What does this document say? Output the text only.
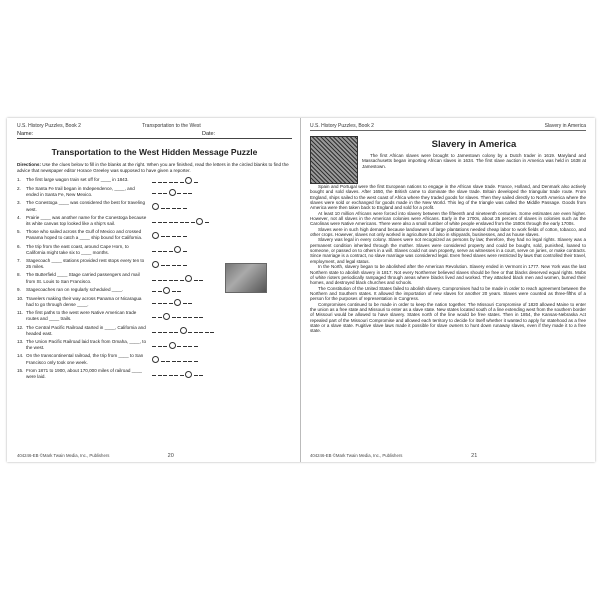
U.S. History Puzzles, Book 2	Transportation to the West
Name:	Date:
Transportation to the West Hidden Message Puzzle
Directions: Use the clues below to fill in the blanks at the right. When you are finished, read the letters in the circled blanks to find the advice that newspaper editor Horace Greeley was supposed to have given a reporter.
1.	The first large wagon train set off for ____ in 1843.
2.	The Santa Fe trail began in Independence, ____, and ended in Santa Fe, New Mexico.
3.	The Conestoga ____ was considered the best for traveling west.
4.	Prairie ____ was another name for the Conestoga because its white canvas top looked like a ship's sail.
5.	Those who sailed across the Gulf of Mexico and crossed Panama hoped to catch a ____ ship bound for California.
6.	The trip from the east coast, around Cape Horn, to California might take six to ____ months.
7.	Stagecoach ____ stations provided rest stops every ten to 25 miles.
8.	The Butterfield ____ Stage carried passengers and mail from St. Louis to San Francisco.
9.	Stagecoaches ran on regularly scheduled ____.
10. Travelers making their way across Panama or Nicaragua had to go through dense ____.
11. The first paths to the west were Native American trade routes and ____ trails.
12. The Central Pacific Railroad started in ____, California and headed east.
13. The Union Pacific Railroad laid track from Omaha, ____, to the west.
14. On the transcontinental railroad, the trip from ____ to San Francisco only took one week.
15. From 1871 to 1900, about 170,000 miles of railroad ____ were laid.
404246-EB ©Mark Twain Media, Inc., Publishers	20
U.S. History Puzzles, Book 2	Slavery in America
Slavery in America

The first African slaves were brought to Jamestown colony by a Dutch trader in 1619. Maryland and Massachusetts began importing African slaves in 1634. The first slave auction in America was held in 1638 at Jamestown.

Spain and Portugal were the first European nations to engage in the African slave trade. France, Holland, and Denmark also actively bought and sold slaves. After 1650, the British came to dominate the slave trade. Britain developed the triangular trade route. From England, ships sailed to the west coast of Africa where they traded goods for slaves. Then they sailed directly to North America where the slaves were sold or exchanged for goods made in the New World. This leg of the triangle was called the Middle Passage. Goods from America were then taken back to England and sold for a profit.

At least 10 million Africans were forced into slavery between the fifteenth and nineteenth centuries. Some estimates are even higher. However, not all slaves in the American colonies were Africans. Early in the 1700s, about 25 percent of slaves in colonies such as the Carolinas were Native Americans. There were also a small number of white people enslaved from the 1500s through the early 1700s.

Slaves were in such high demand because landowners of large plantations needed cheap labor to work fields of cotton, tobacco, and other crops. However, slaves not only worked in agriculture but also in shipyards, businesses, and as house slaves.

Slavery was legal in every colony. Slaves were not recognized as persons by law; therefore, they had no legal rights. Slavery was a permanent condition inherited through the mother. Slaves were considered property and could be bought, sold, punished, loaned to someone, or passed on to others in a will. Slaves could not own property, serve as witnesses in a court, serve on juries, or make contracts. Since marriage is a contract, no slave marriage was considered legal. Even freed slaves were restricted by laws that controlled their travel, employment, and legal status.

In the North, slavery began to be abolished after the American Revolution. Slavery ended in Vermont in 1777. New York was the last Northern state to abolish slavery in 1817. Not every Northerner believed slaves should be free or that blacks deserved equal rights. Mobs of white rioters periodically rampaged through areas where blacks lived and worked. They attacked black men and women, burned their homes, and destroyed black churches and schools.

The Constitution of the United States failed to abolish slavery. Compromises had to be made in order to reach agreement between the Northern and Southern states. It allowed the importation of new slaves for another 20 years. Slaves were counted as three-fifths of a person for the purposes of representation in Congress.

Compromises continued to be made in order to keep the nation together. The Missouri Compromise of 1820 allowed Maine to enter the union as a free state and Missouri to enter as a slave state. New states located south of a line extending west from the southern border of Missouri would be allowed to have slavery. States north of the line would be free states. Then in 1854, the Kansas-Nebraska Act repealed part of the Missouri Compromise and allowed each territory to decide for itself whether it wanted to apply for statehood as a free state or a slave state. Fugitive slave laws made it possible for slave owners to hunt down runaway slaves, even if they made it to a free state.

404246-EB ©Mark Twain Media, Inc., Publishers	21
